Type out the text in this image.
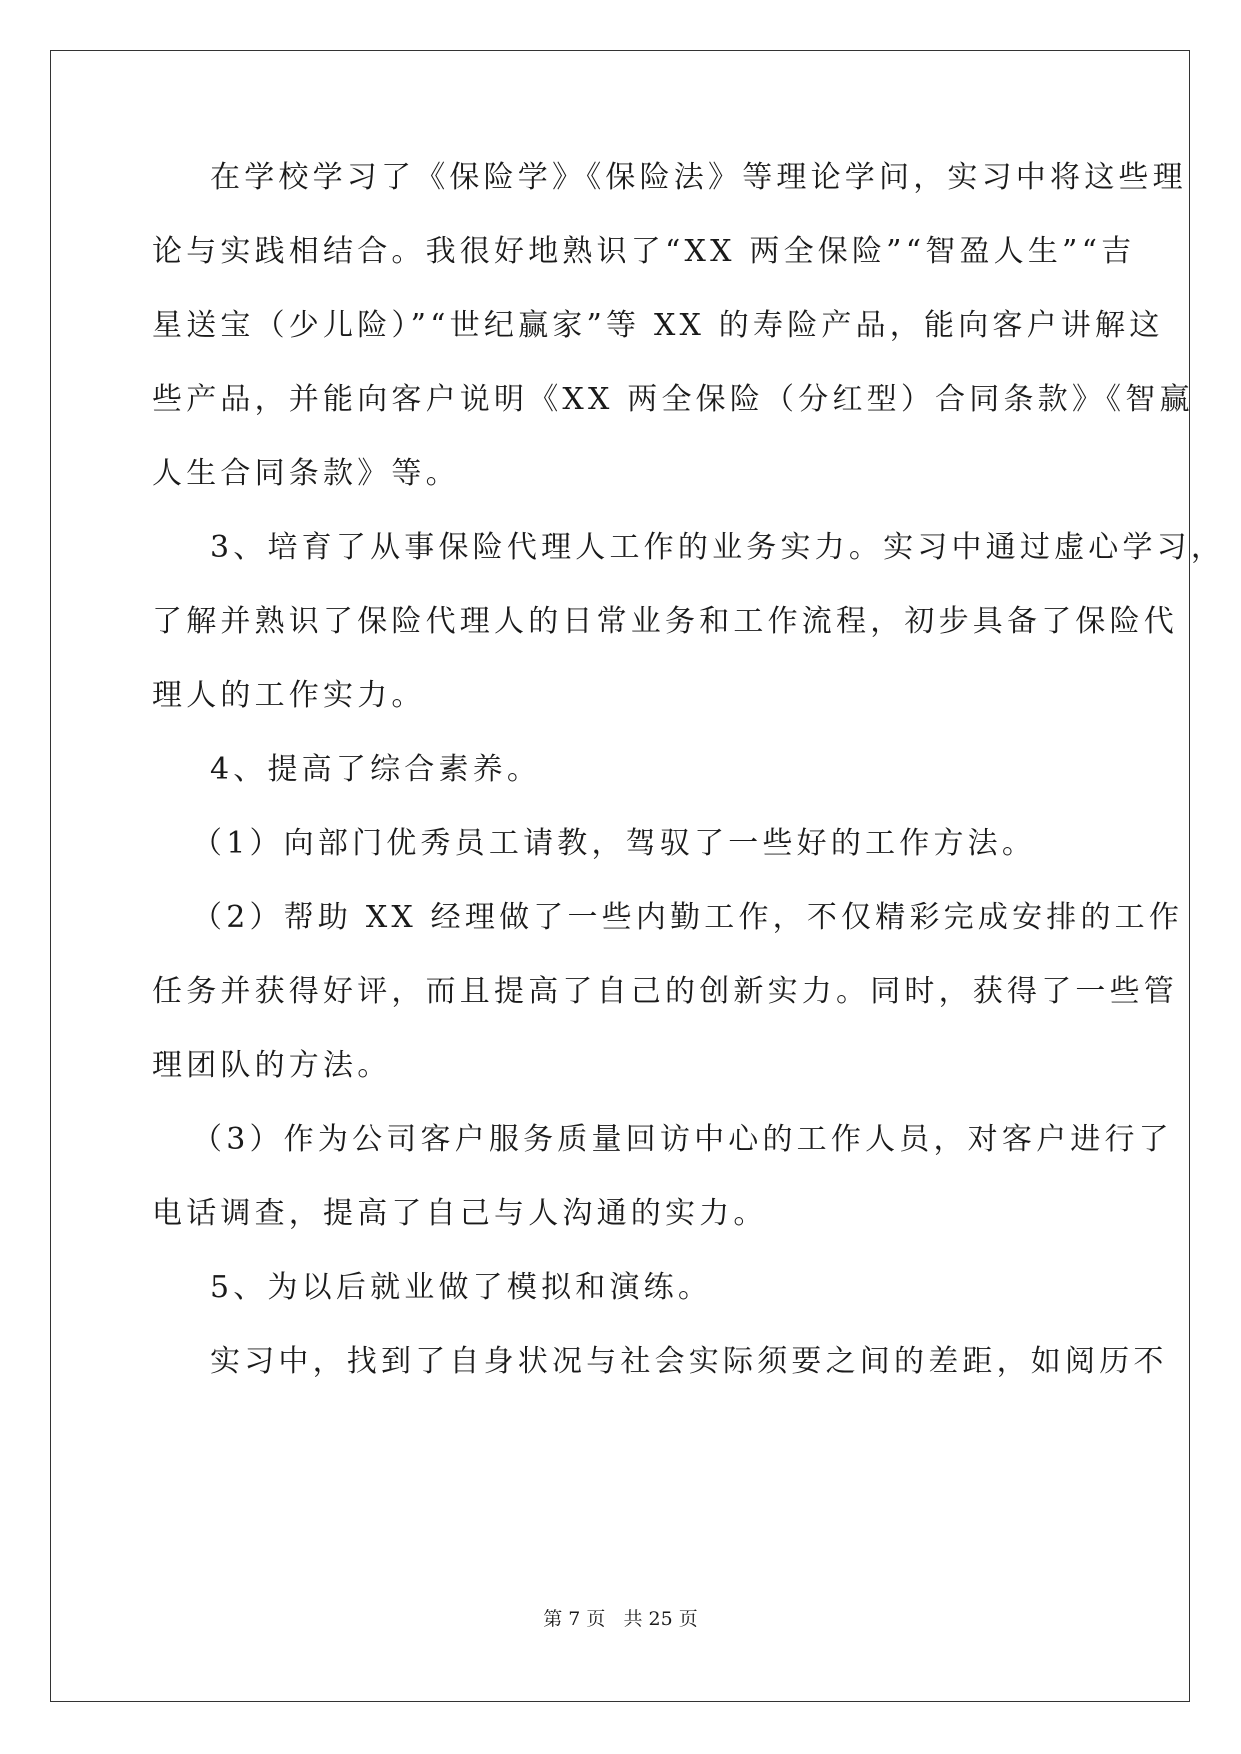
在学校学习了《保险学》《保险法》等理论学问，实习中将这些理
论与实践相结合。我很好地熟识了“XX 两全保险”“智盈人生”“吉
星送宝（少儿险）”“世纪赢家”等 XX 的寿险产品，能向客户讲解这
些产品，并能向客户说明《XX 两全保险（分红型）合同条款》《智赢
人生合同条款》等。
3、培育了从事保险代理人工作的业务实力。实习中通过虚心学习，
了解并熟识了保险代理人的日常业务和工作流程，初步具备了保险代
理人的工作实力。
4、提高了综合素养。
（1）向部门优秀员工请教，驾驭了一些好的工作方法。
（2）帮助 XX 经理做了一些内勤工作，不仅精彩完成安排的工作
任务并获得好评，而且提高了自己的创新实力。同时，获得了一些管
理团队的方法。
（3）作为公司客户服务质量回访中心的工作人员，对客户进行了
电话调查，提高了自己与人沟通的实力。
5、为以后就业做了模拟和演练。
实习中，找到了自身状况与社会实际须要之间的差距，如阅历不
第 7 页 共 25 页
